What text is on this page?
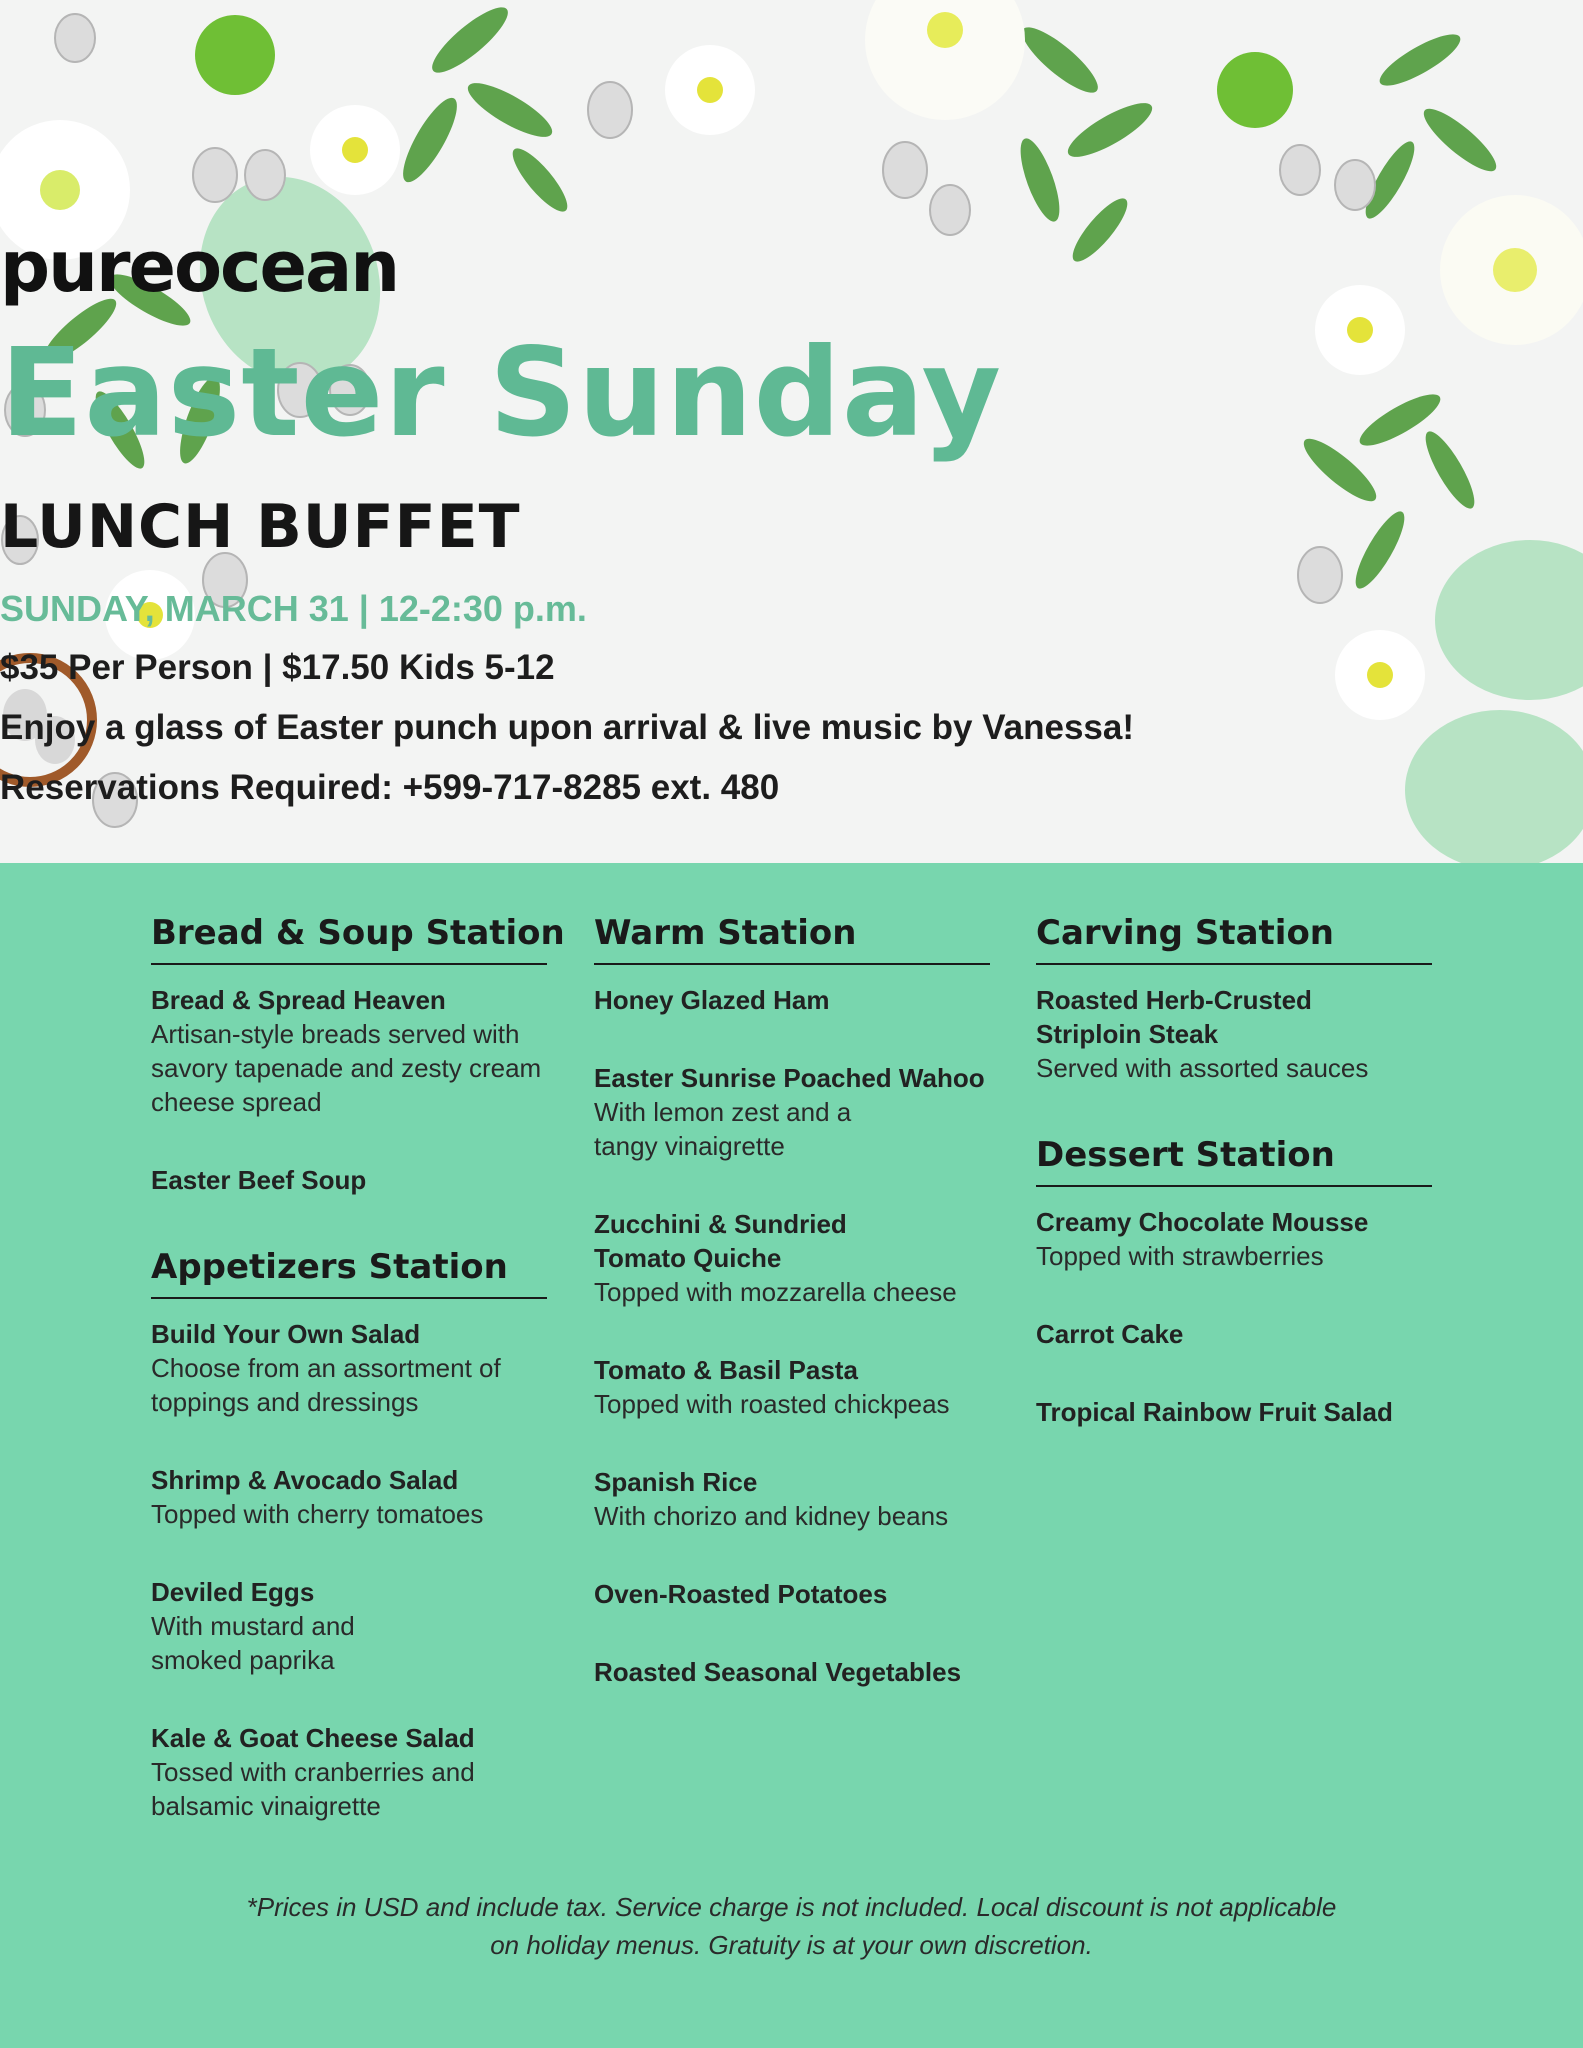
pureocean
Easter Sunday
LUNCH BUFFET
SUNDAY, MARCH 31 | 12-2:30 p.m.
$35 Per Person | $17.50 Kids 5-12
Enjoy a glass of Easter punch upon arrival & live music by Vanessa!
Reservations Required: +599-717-8285 ext. 480
Bread & Soup Station
Bread & Spread Heaven
Artisan-style breads served with savory tapenade and zesty cream cheese spread
Easter Beef Soup
Appetizers Station
Build Your Own Salad
Choose from an assortment of toppings and dressings
Shrimp & Avocado Salad
Topped with cherry tomatoes
Deviled Eggs
With mustard and smoked paprika
Kale & Goat Cheese Salad
Tossed with cranberries and balsamic vinaigrette
Warm Station
Honey Glazed Ham
Easter Sunrise Poached Wahoo
With lemon zest and a tangy vinaigrette
Zucchini & Sundried Tomato Quiche
Topped with mozzarella cheese
Tomato & Basil Pasta
Topped with roasted chickpeas
Spanish Rice
With chorizo and kidney beans
Oven-Roasted Potatoes
Roasted Seasonal Vegetables
Carving Station
Roasted Herb-Crusted Striploin Steak
Served with assorted sauces
Dessert Station
Creamy Chocolate Mousse
Topped with strawberries
Carrot Cake
Tropical Rainbow Fruit Salad
*Prices in USD and include tax. Service charge is not included. Local discount is not applicable
on holiday menus. Gratuity is at your own discretion.
